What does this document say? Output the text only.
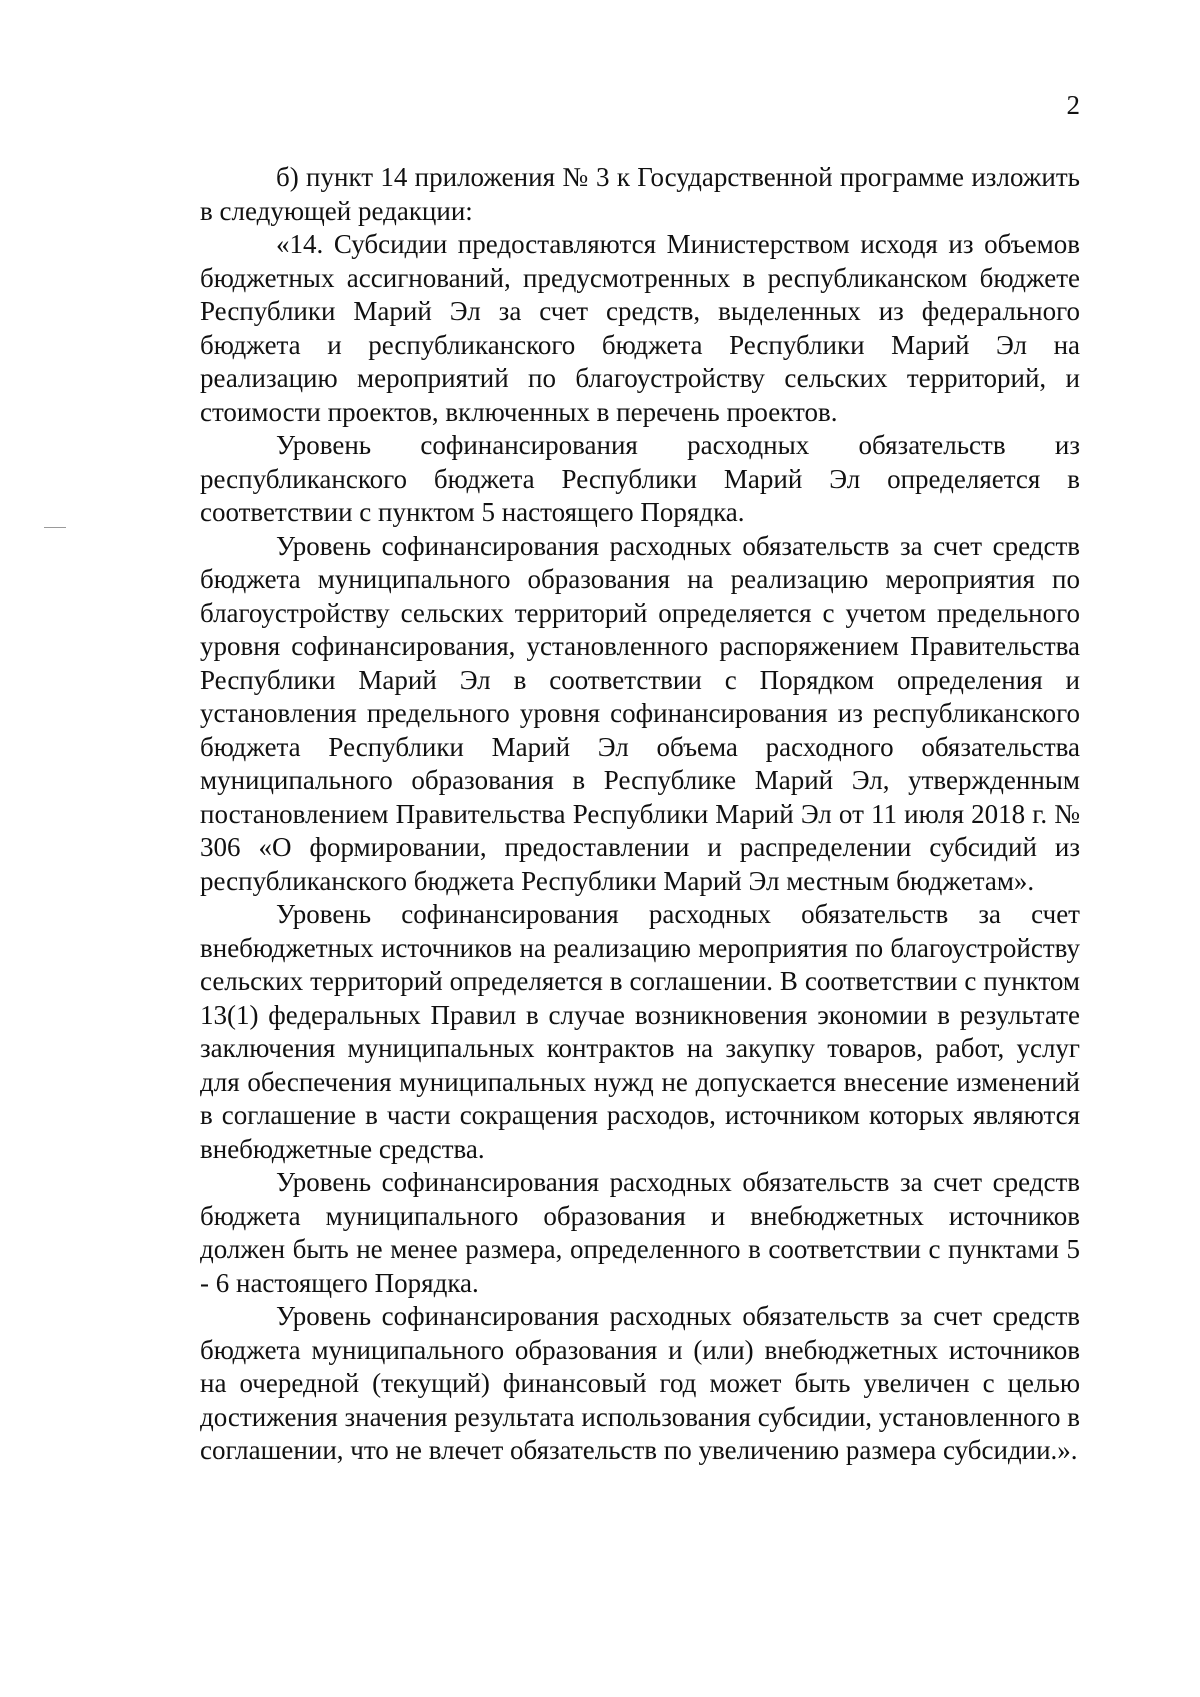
2

б) пункт 14 приложения № 3 к Государственной программе изложить в следующей редакции:

«14. Субсидии предоставляются Министерством исходя из объемов бюджетных ассигнований, предусмотренных в республиканском бюджете Республики Марий Эл за счет средств, выделенных из федерального бюджета и республиканского бюджета Республики Марий Эл на реализацию мероприятий по благоустройству сельских территорий, и стоимости проектов, включенных в перечень проектов.

Уровень софинансирования расходных обязательств из республиканского бюджета Республики Марий Эл определяется в соответствии с пунктом 5 настоящего Порядка.

Уровень софинансирования расходных обязательств за счет средств бюджета муниципального образования на реализацию мероприятия по благоустройству сельских территорий определяется с учетом предельного уровня софинансирования, установленного распоряжением Правительства Республики Марий Эл в соответствии с Порядком определения и установления предельного уровня софинансирования из республиканского бюджета Республики Марий Эл объема расходного обязательства муниципального образования в Республике Марий Эл, утвержденным постановлением Правительства Республики Марий Эл от 11 июля 2018 г. № 306 «О формировании, предоставлении и распределении субсидий из республиканского бюджета Республики Марий Эл местным бюджетам».

Уровень софинансирования расходных обязательств за счет внебюджетных источников на реализацию мероприятия по благоустройству сельских территорий определяется в соглашении. В соответствии с пунктом 13(1) федеральных Правил в случае возникновения экономии в результате заключения муниципальных контрактов на закупку товаров, работ, услуг для обеспечения муниципальных нужд не допускается внесение изменений в соглашение в части сокращения расходов, источником которых являются внебюджетные средства.

Уровень софинансирования расходных обязательств за счет средств бюджета муниципального образования и внебюджетных источников должен быть не менее размера, определенного в соответствии с пунктами 5 - 6 настоящего Порядка.

Уровень софинансирования расходных обязательств за счет средств бюджета муниципального образования и (или) внебюджетных источников на очередной (текущий) финансовый год может быть увеличен с целью достижения значения результата использования субсидии, установленного в соглашении, что не влечет обязательств по увеличению размера субсидии.».
